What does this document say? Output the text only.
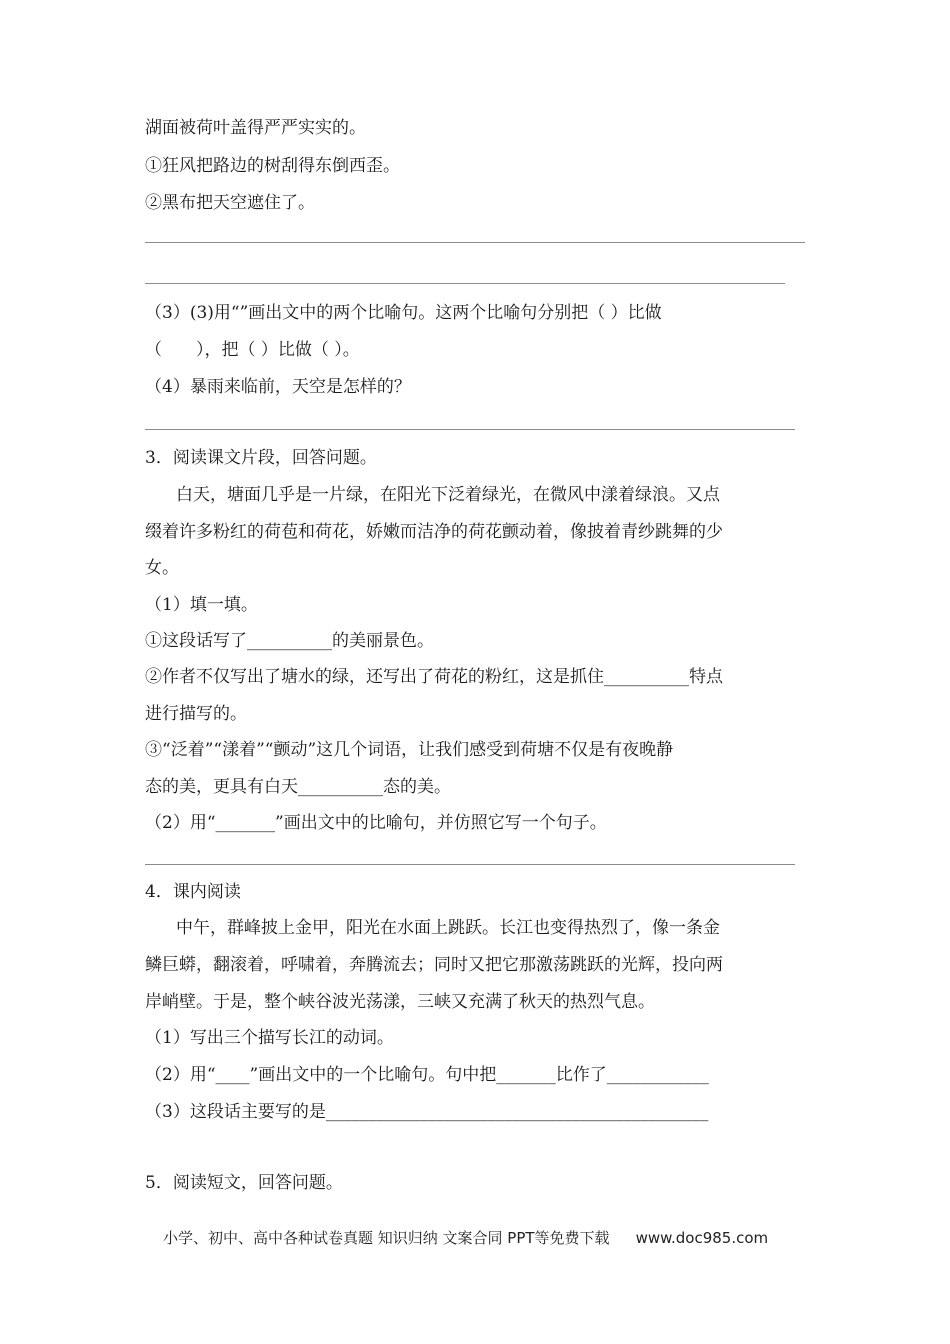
湖面被荷叶盖得严严实实的。
①狂风把路边的树刮得东倒西歪。
②黑布把天空遮住了。
（3）(3)用“”画出文中的两个比喻句。这两个比喻句分别把（ ）比做
（　　），把（ ）比做（ ）。
（4）暴雨来临前，天空是怎样的？
3．阅读课文片段，回答问题。
白天，塘面几乎是一片绿，在阳光下泛着绿光，在微风中漾着绿浪。又点
缀着许多粉红的荷苞和荷花，娇嫩而洁净的荷花颤动着，像披着青纱跳舞的少
女。
（1）填一填。
①这段话写了__________的美丽景色。
②作者不仅写出了塘水的绿，还写出了荷花的粉红，这是抓住__________特点
进行描写的。
③“泛着”“漾着”“颤动”这几个词语，让我们感受到荷塘不仅是有夜晚静
态的美，更具有白天__________态的美。
（2）用“_______”画出文中的比喻句，并仿照它写一个句子。
4．课内阅读
中午，群峰披上金甲，阳光在水面上跳跃。长江也变得热烈了，像一条金
鳞巨蟒，翻滚着，呼啸着，奔腾流去；同时又把它那激荡跳跃的光辉，投向两
岸峭壁。于是，整个峡谷波光荡漾，三峡又充满了秋天的热烈气息。
（1）写出三个描写长江的动词。
（2）用“____”画出文中的一个比喻句。句中把_______比作了____________
（3）这段话主要写的是_____________________________________________
5．阅读短文，回答问题。
小学、初中、高中各种试卷真题 知识归纳 文案合同 PPT等免费下载 www.doc985.com
